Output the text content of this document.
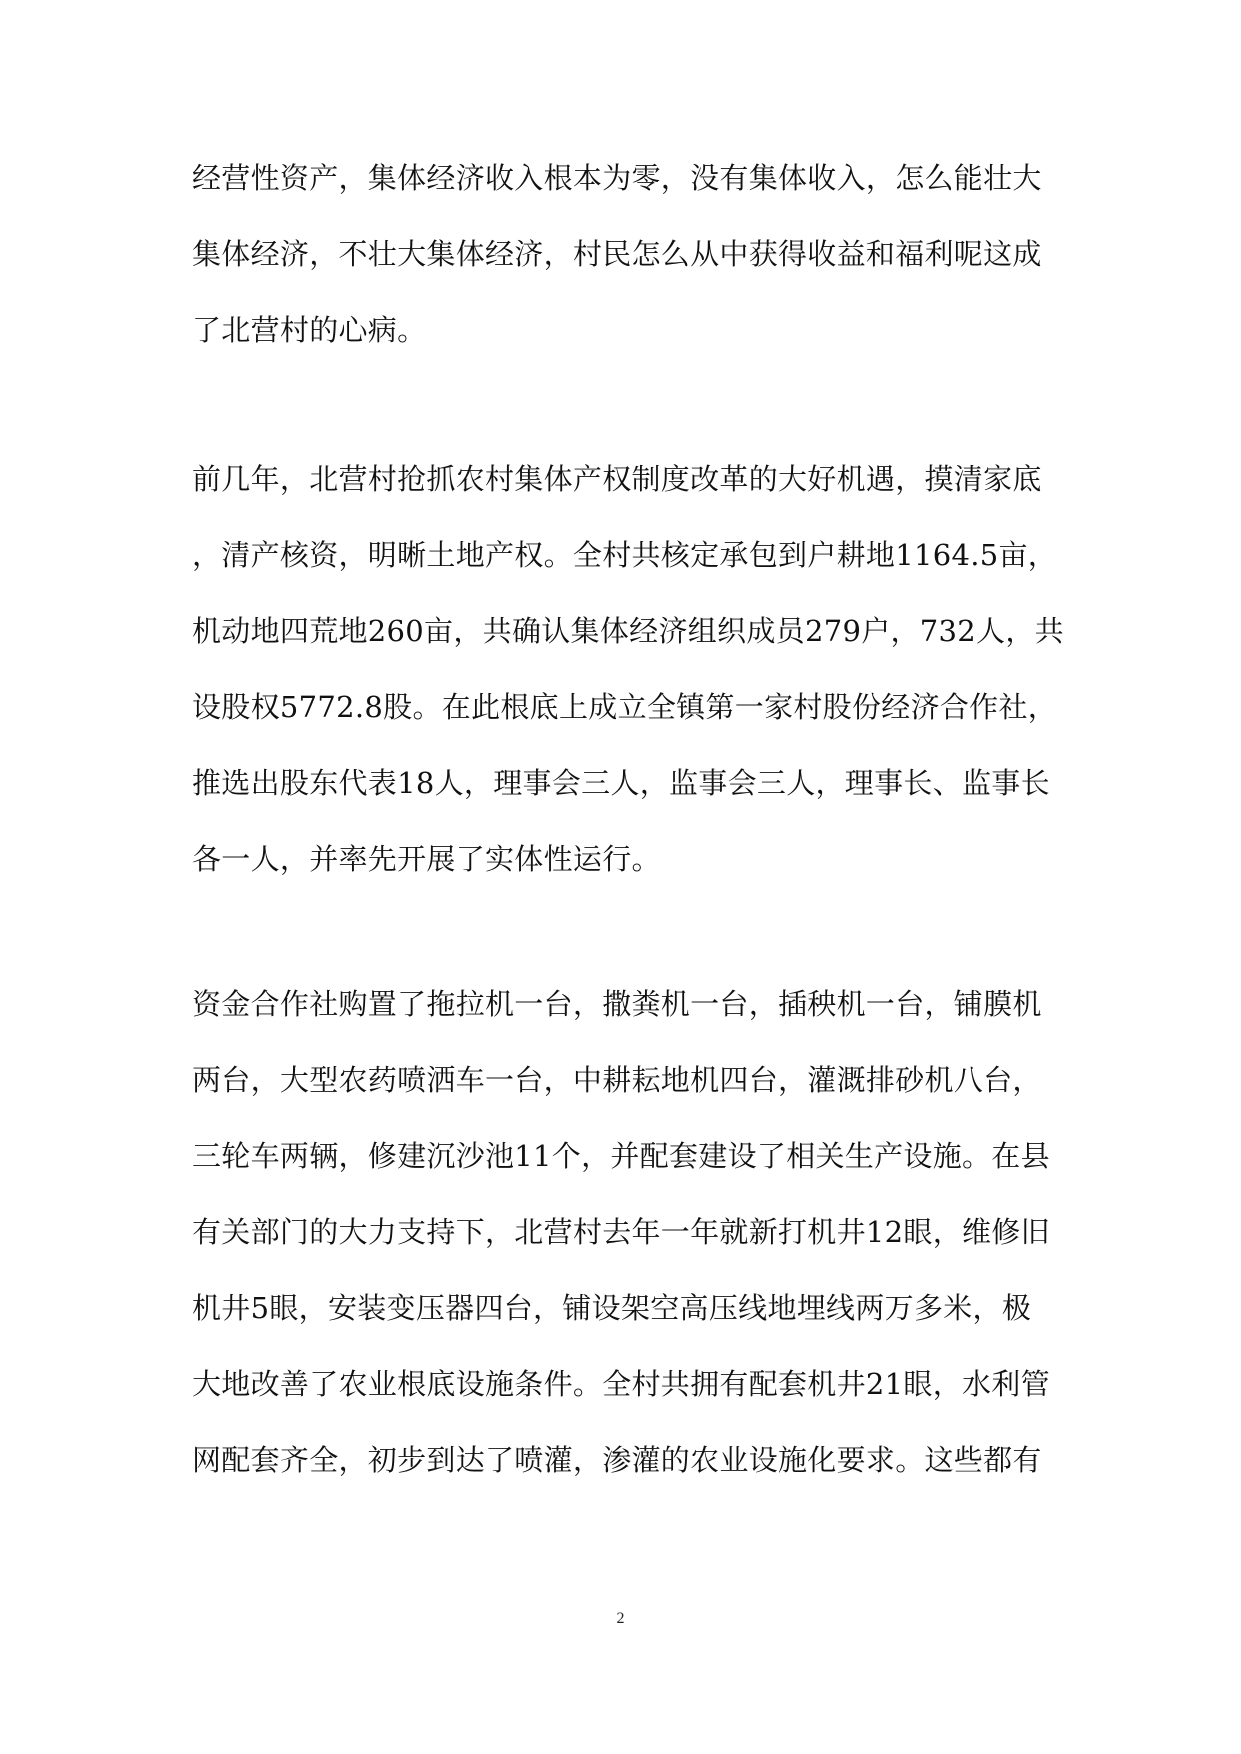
经营性资产，集体经济收入根本为零，没有集体收入，怎么能壮大
集体经济，不壮大集体经济，村民怎么从中获得收益和福利呢这成
了北营村的心病。
前几年，北营村抢抓农村集体产权制度改革的大好机遇，摸清家底
，清产核资，明晰土地产权。全村共核定承包到户耕地1164.5亩，
机动地四荒地260亩，共确认集体经济组织成员279户，732人，共
设股权5772.8股。在此根底上成立全镇第一家村股份经济合作社，
推选出股东代表18人，理事会三人，监事会三人，理事长、监事长
各一人，并率先开展了实体性运行。
资金合作社购置了拖拉机一台，撒粪机一台，插秧机一台，铺膜机
两台，大型农药喷洒车一台，中耕耘地机四台，灌溉排砂机八台，
三轮车两辆，修建沉沙池11个，并配套建设了相关生产设施。在县
有关部门的大力支持下，北营村去年一年就新打机井12眼，维修旧
机井5眼，安装变压器四台，铺设架空高压线地埋线两万多米，极
大地改善了农业根底设施条件。全村共拥有配套机井21眼，水利管
网配套齐全，初步到达了喷灌，渗灌的农业设施化要求。这些都有
2
